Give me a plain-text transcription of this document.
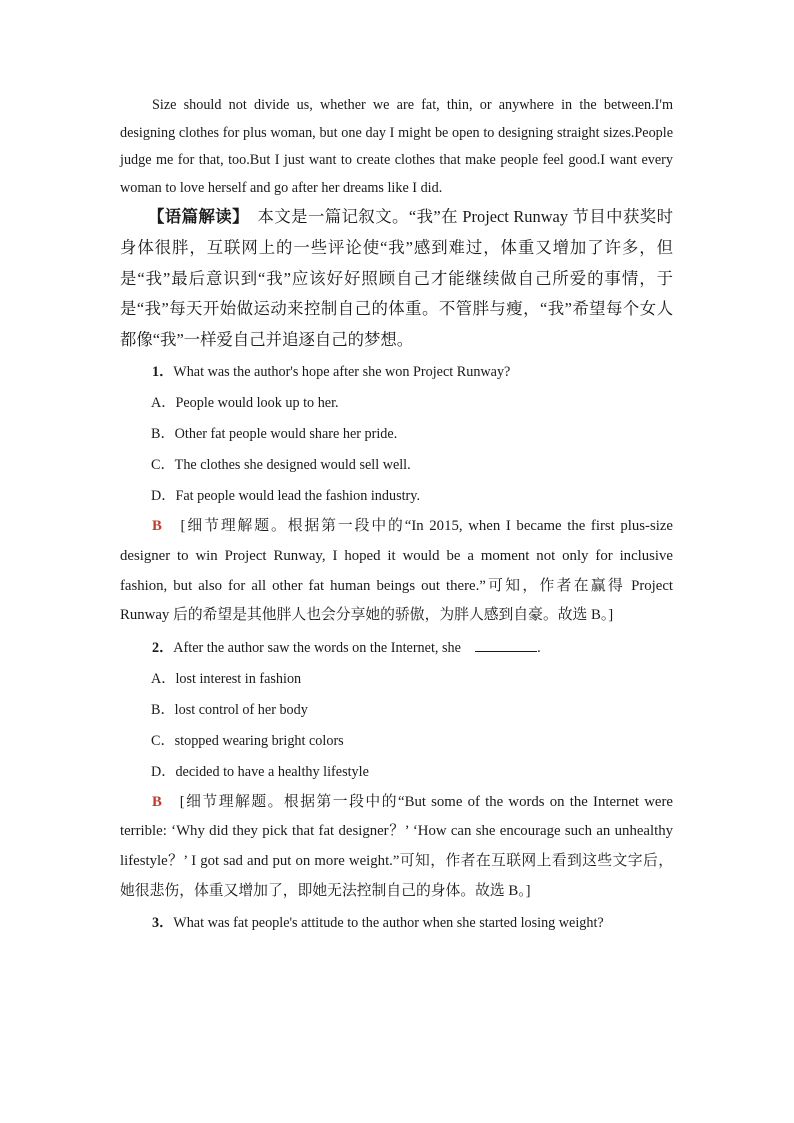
Size should not divide us, whether we are fat, thin, or anywhere in the between.I'm designing clothes for plus woman, but one day I might be open to designing straight sizes.People judge me for that, too.But I just want to create clothes that make people feel good.I want every woman to love herself and go after her dreams like I did.

【语篇解读】　 本文是一篇记叙文。“我”在 Project Runway 节目中获奖时身体很胖，互联网上的一些评论使“我”感到难过，体重又增加了许多，但是“我”最后意识到“我”应该好好照顾自己才能继续做自己所爱的事情，于是“我”每天开始做运动来控制自己的体重。不管胖与瘦，“我”希望每个女人都像“我”一样爱自己并追逐自己的梦想。

1．What was the author's hope after she won Project Runway?

A．People would look up to her.

B．Other fat people would share her pride.

C．The clothes she designed would sell well.

D．Fat people would lead the fashion industry.

B　 [细节理解题。根据第一段中的“In 2015, when I became the first plus-size designer to win Project Runway, I hoped it would be a moment not only for inclusive fashion, but also for all other fat human beings out there.”可知，作者在赢得 Project Runway 后的希望是其他胖人也会分享她的骄傲，为胖人感到自豪。故选 B。]

2．After the author saw the words on the Internet, she　	.

A．lost interest in fashion

B．lost control of her body

C．stopped wearing bright colors

D．decided to have a healthy lifestyle

B　 [细节理解题。根据第一段中的“But some of the words on the Internet were terrible: ‘Why did they pick that fat designer？’ ‘How can she encourage such an unhealthy lifestyle？’ I got sad and put on more weight.”可知，作者在互联网上看到这些文字后，她很悲伤，体重又增加了，即她无法控制自己的身体。故选 B。]

3．What was fat people's attitude to the author when she started losing weight?
